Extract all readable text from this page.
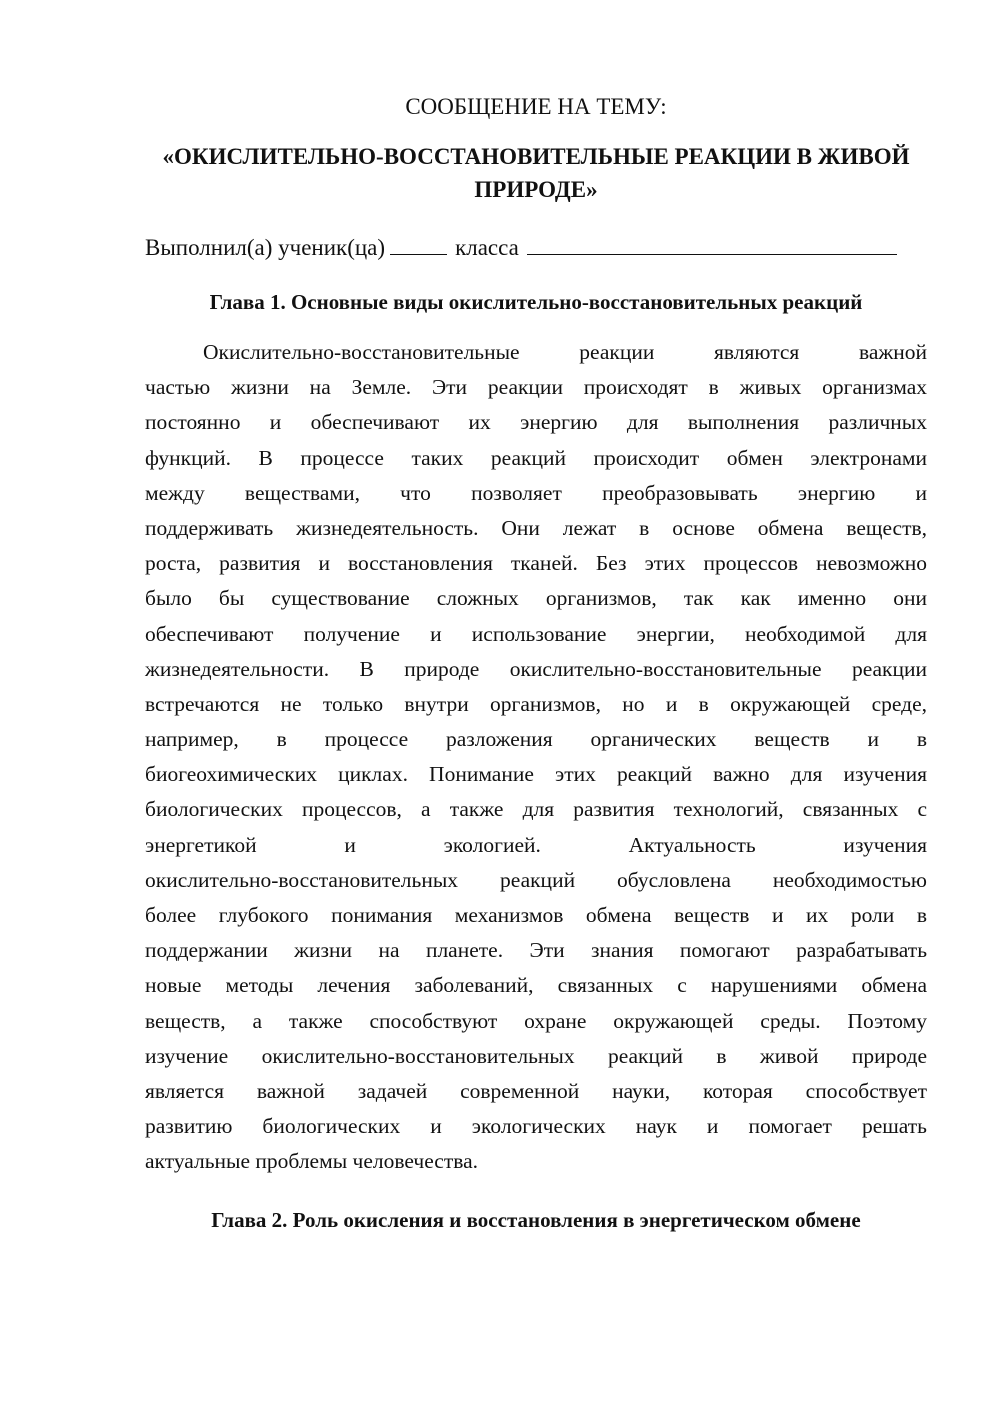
СООБЩЕНИЕ НА ТЕМУ:
«ОКИСЛИТЕЛЬНО-ВОССТАНОВИТЕЛЬНЫЕ РЕАКЦИИ В ЖИВОЙ
ПРИРОДЕ»
Выполнил(а) ученик(ца)	класса
Глава 1. Основные виды окислительно-восстановительных реакций
Окислительно-восстановительные реакции являются важной
частью жизни на Земле. Эти реакции происходят в живых организмах
постоянно и обеспечивают их энергию для выполнения различных
функций. В процессе таких реакций происходит обмен электронами
между веществами, что позволяет преобразовывать энергию и
поддерживать жизнедеятельность. Они лежат в основе обмена веществ,
роста, развития и восстановления тканей. Без этих процессов невозможно
было бы существование сложных организмов, так как именно они
обеспечивают получение и использование энергии, необходимой для
жизнедеятельности. В природе окислительно-восстановительные реакции
встречаются не только внутри организмов, но и в окружающей среде,
например, в процессе разложения органических веществ и в
биогеохимических циклах. Понимание этих реакций важно для изучения
биологических процессов, а также для развития технологий, связанных с
энергетикой и экологией. Актуальность изучения
окислительно-восстановительных реакций обусловлена необходимостью
более глубокого понимания механизмов обмена веществ и их роли в
поддержании жизни на планете. Эти знания помогают разрабатывать
новые методы лечения заболеваний, связанных с нарушениями обмена
веществ, а также способствуют охране окружающей среды. Поэтому
изучение окислительно-восстановительных реакций в живой природе
является важной задачей современной науки, которая способствует
развитию биологических и экологических наук и помогает решать
актуальные проблемы человечества.
Глава 2. Роль окисления и восстановления в энергетическом обмене
